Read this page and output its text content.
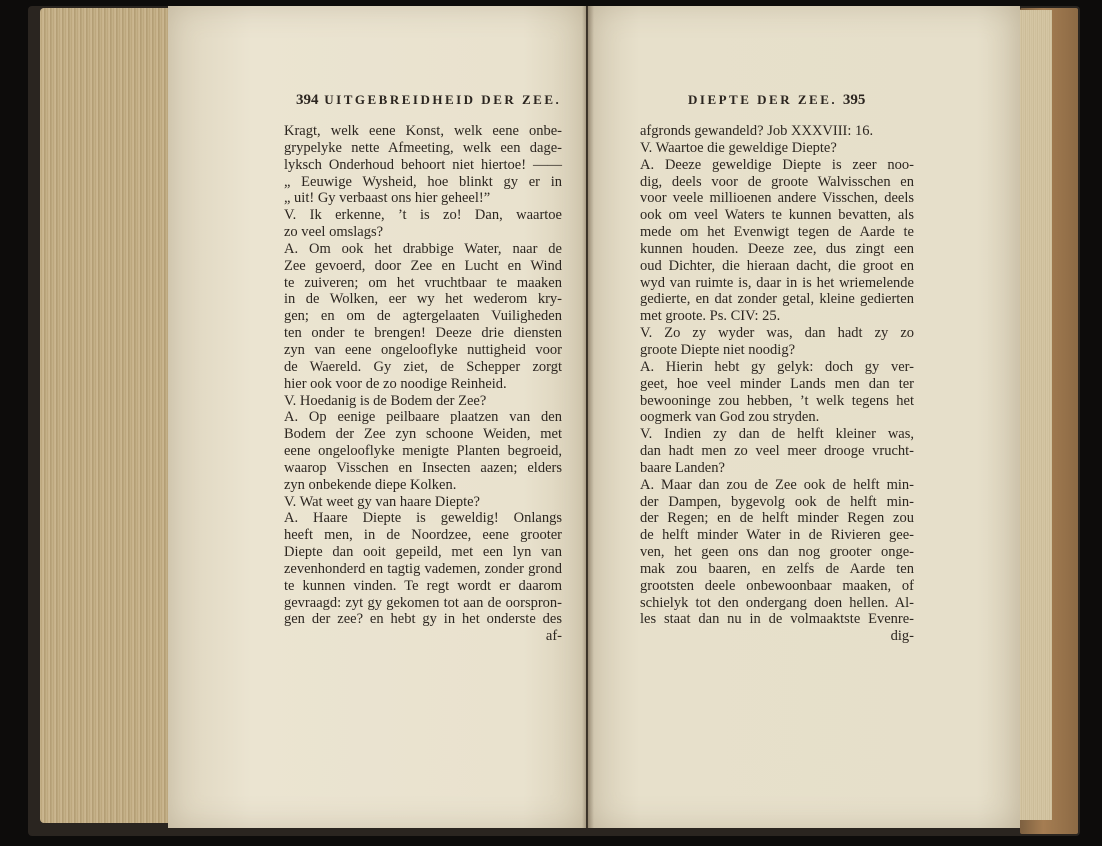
394 UITGEBREIDHEID DER ZEE.	DIEPTE DER ZEE. 395
Kragt, welk eene Konst, welk eene onbe-
grypelyke nette Afmeeting, welk een dage-
lyksch Onderhoud behoort niet hiertoe! ——
„ Eeuwige Wysheid, hoe blinkt gy er in
„ uit! Gy verbaast ons hier geheel!”
V. Ik erkenne, ’t is zo! Dan, waartoe
zo veel omslags?
A. Om ook het drabbige Water, naar de
Zee gevoerd, door Zee en Lucht en Wind
te zuiveren; om het vruchtbaar te maaken
in de Wolken, eer wy het wederom kry-
gen; en om de agtergelaaten Vuiligheden
ten onder te brengen! Deeze drie diensten
zyn van eene ongelooflyke nuttigheid voor
de Waereld. Gy ziet, de Schepper zorgt
hier ook voor de zo noodige Reinheid.
V. Hoedanig is de Bodem der Zee?
A. Op eenige peilbaare plaatzen van den
Bodem der Zee zyn schoone Weiden, met
eene ongelooflyke menigte Planten begroeid,
waarop Visschen en Insecten aazen; elders
zyn onbekende diepe Kolken.
V. Wat weet gy van haare Diepte?
A. Haare Diepte is geweldig! Onlangs
heeft men, in de Noordzee, eene grooter
Diepte dan ooit gepeild, met een lyn van
zevenhonderd en tagtig vademen, zonder grond
te kunnen vinden. Te regt wordt er daarom
gevraagd: zyt gy gekomen tot aan de oorspron-
gen der zee? en hebt gy in het onderste des
af-
afgronds gewandeld? Job XXXVIII: 16.
V. Waartoe die geweldige Diepte?
A. Deeze geweldige Diepte is zeer noo-
dig, deels voor de groote Walvisschen en
voor veele millioenen andere Visschen, deels
ook om veel Waters te kunnen bevatten, als
mede om het Evenwigt tegen de Aarde te
kunnen houden. Deeze zee, dus zingt een
oud Dichter, die hieraan dacht, die groot en
wyd van ruimte is, daar in is het wriemelende
gedierte, en dat zonder getal, kleine gedierten
met groote. Ps. CIV: 25.
V. Zo zy wyder was, dan hadt zy zo
groote Diepte niet noodig?
A. Hierin hebt gy gelyk: doch gy ver-
geet, hoe veel minder Lands men dan ter
bewooninge zou hebben, ’t welk tegens het
oogmerk van God zou stryden.
V. Indien zy dan de helft kleiner was,
dan hadt men zo veel meer drooge vrucht-
baare Landen?
A. Maar dan zou de Zee ook de helft min-
der Dampen, bygevolg ook de helft min-
der Regen; en de helft minder Regen zou
de helft minder Water in de Rivieren gee-
ven, het geen ons dan nog grooter onge-
mak zou baaren, en zelfs de Aarde ten
grootsten deele onbewoonbaar maaken, of
schielyk tot den ondergang doen hellen. Al-
les staat dan nu in de volmaaktste Evenre-
dig-
